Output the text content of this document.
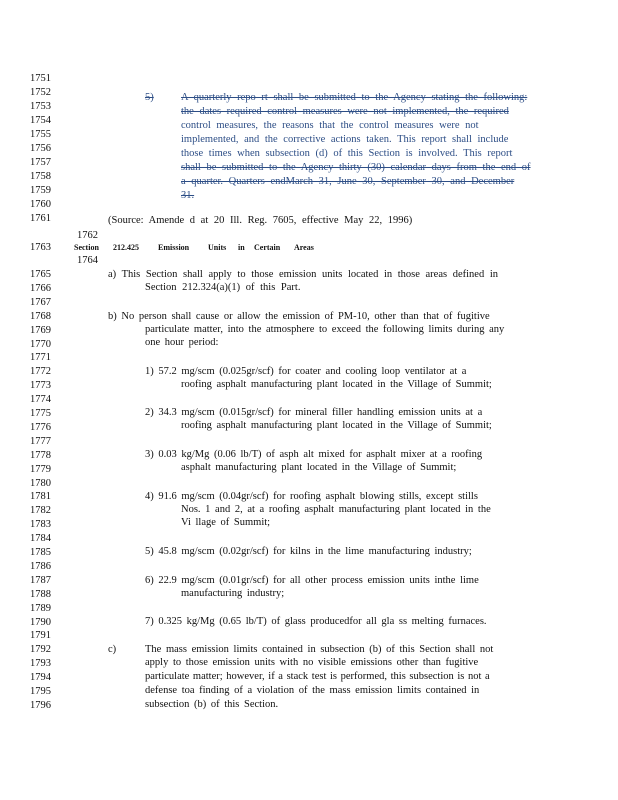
1751
1752
1753
1754
1755
1756
1757
1758
1759
1760
1761
1762
1763
1764
1765
1766
1767
1768
1769
1770
1771
1772
1773
1774
1775
1776
1777
1778
1779
1780
1781
1782
1783
1784
1785
1786
1787
1788
1789
1790
1791
1792
1793
1794
1795
1796
5)	A quarterly repo rt shall be submitted to the Agency stating the following:
the dates required control measures were not implemented, the required
control measures, the reasons that the control measures were not
implemented, and the corrective actions taken. This report shall include
those times when subsection (d) of this Section is involved. This report
shall be submitted to the Agency thirty (30) calendar days from the end of
a quarter. Quarters endMarch 31, June 30, September 30, and December
31.
(Source: Amende d at 20 Ill. Reg. 7605, effective May 22, 1996)
Section 212.425 Emission Units in Certain Areas
a) This Section shall apply to those emission units located in those areas defined in
Section 212.324(a)(1) of this Part.
b) No person shall cause or allow the emission of PM-10, other than that of fugitive
particulate matter, into the atmosphere to exceed the following limits during any
one hour period:
1) 57.2 mg/scm (0.025gr/scf) for coater and cooling loop ventilator at a
roofing asphalt manufacturing plant located in the Village of Summit;
2) 34.3 mg/scm (0.015gr/scf) for mineral filler handling emission units at a
roofing asphalt manufacturing plant located in the Village of Summit;
3) 0.03 kg/Mg (0.06 lb/T) of asph alt mixed for asphalt mixer at a roofing
asphalt manufacturing plant located in the Village of Summit;
4) 91.6 mg/scm (0.04gr/scf) for roofing asphalt blowing stills, except stills
Nos. 1 and 2, at a roofing asphalt manufacturing plant located in the
Vi llage of Summit;
5) 45.8 mg/scm (0.02gr/scf) for kilns in the lime manufacturing industry;
6) 22.9 mg/scm (0.01gr/scf) for all other process emission units inthe lime
manufacturing industry;
7) 0.325 kg/Mg (0.65 lb/T) of glass producedfor all gla ss melting furnaces.
c)	The mass emission limits contained in subsection (b) of this Section shall not
apply to those emission units with no visible emissions other than fugitive
particulate matter; however, if a stack test is performed, this subsection is not a
defense toa finding of a violation of the mass emission limits contained in
subsection (b) of this Section.
